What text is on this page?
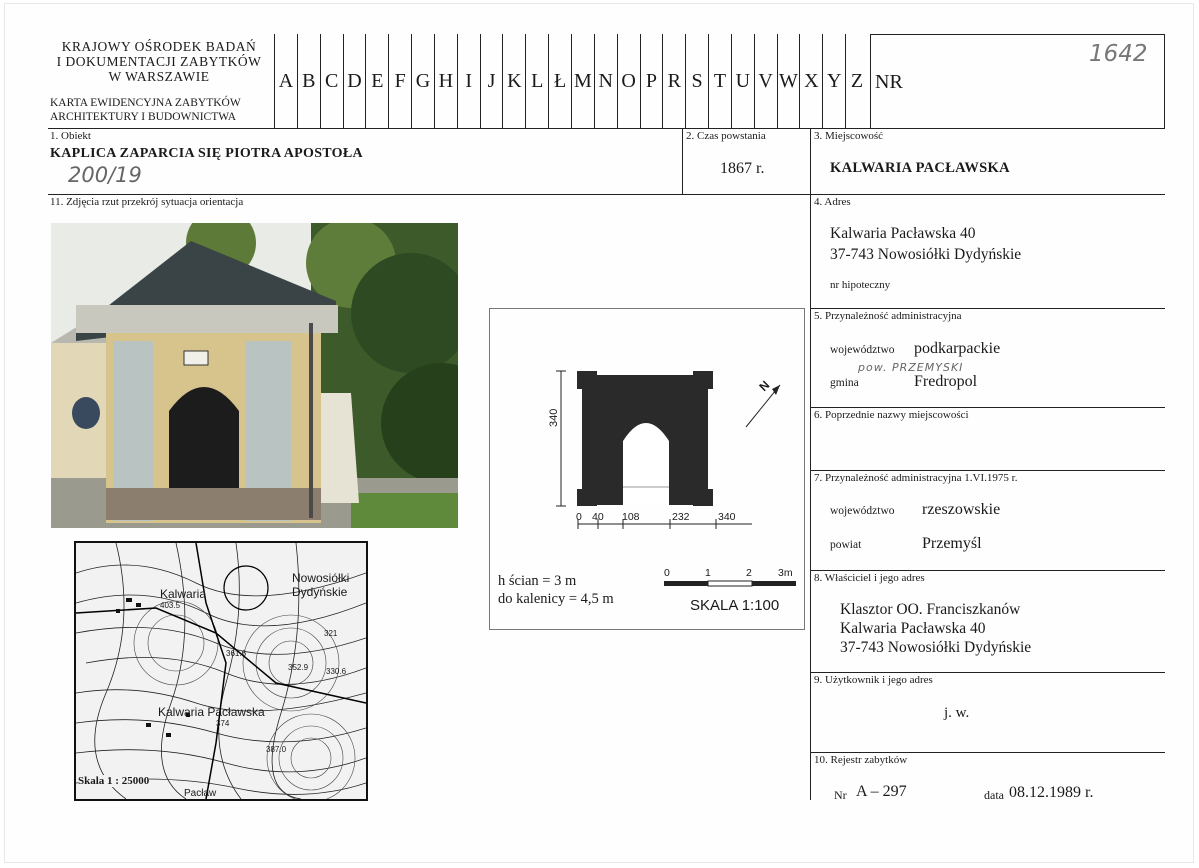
KRAJOWY OŚRODEK BADAŃ
I DOKUMENTACJI ZABYTKÓW
W WARSZAWIE
KARTA EWIDENCYJNA ZABYTKÓW
ARCHITEKTURY I BUDOWNICTWA
A B C D E F G H I J K L Ł M N O P R S T U V W X Y Z NR
1642
1. Obiekt
KAPLICA ZAPARCIA SIĘ PIOTRA APOSTOŁA
200/19
2. Czas powstania
1867 r.
3. Miejscowość
KALWARIA PACŁAWSKA
4. Adres
Kalwaria Pacławska 40
37-743 Nowosiółki Dydyńskie
nr hipoteczny
5. Przynależność administracyjna
województwo podkarpackie
pow. PRZEMYSKI
gmina	Fredropol
6. Poprzednie nazwy miejscowości
7. Przynależność administracyjna 1.VI.1975 r.
województwo rzeszowskie
powiat	Przemyśl
8. Właściciel i jego adres
Klasztor OO. Franciszkanów
Kalwaria Pacławska 40
37-743 Nowosiółki Dydyńskie
9. Użytkownik i jego adres
j. w.
10. Rejestr zabytków
Nr A – 297	data 08.12.1989 r.
11. Zdjęcia rzut przekrój sytuacja orientacja
Kalwaria
Nowosiółki
Dydyńskie
Kalwaria Pacławska
Pacław
403.5
361.6
352.9 330.6
387.0
321
374
Skala 1 : 25000
340
0 40 108	232	340
N
h ścian = 3 m
do kalenicy = 4,5 m
0	1	2 3m
SKALA 1:100
